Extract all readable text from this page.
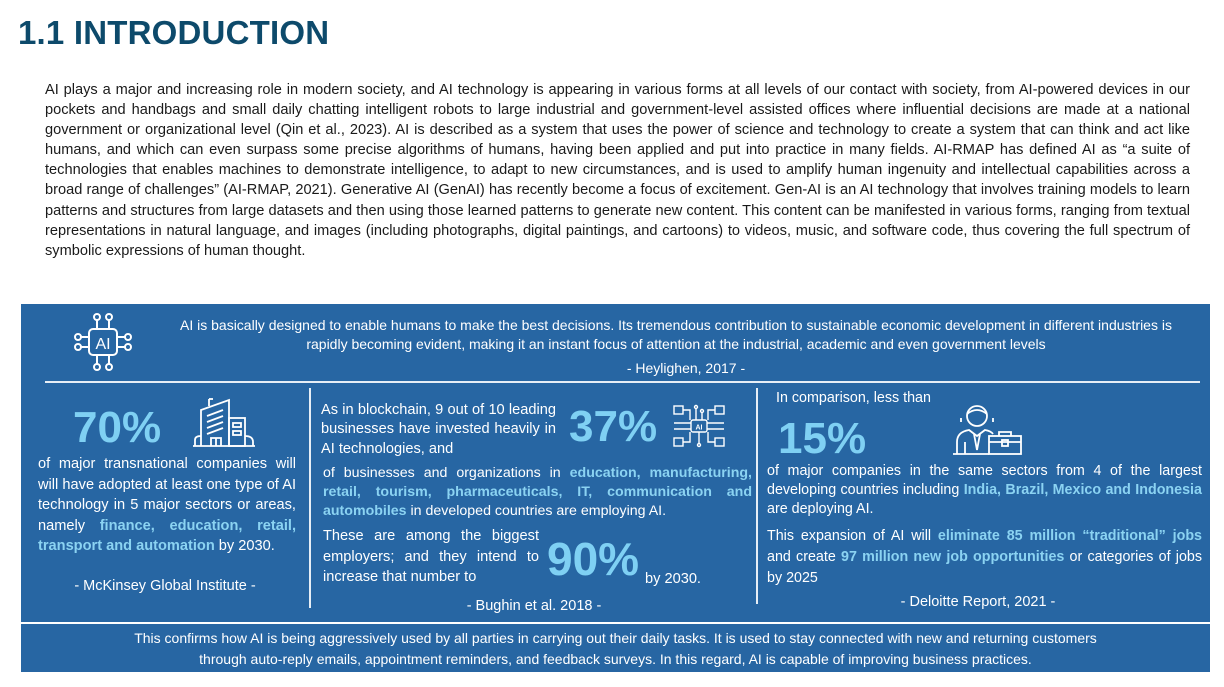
1.1 INTRODUCTION

AI plays a major and increasing role in modern society, and AI technology is appearing in various forms at all levels of our contact with society, from AI-powered devices in our pockets and handbags and small daily chatting intelligent robots to large industrial and government-level assisted offices where influential decisions are made at a national government or organizational level (Qin et al., 2023). AI is described as a system that uses the power of science and technology to create a system that can think and act like humans, and which can even surpass some precise algorithms of humans, having been applied and put into practice in many fields. AI-RMAP has defined AI as “a suite of technologies that enables machines to demonstrate intelligence, to adapt to new circumstances, and is used to amplify human ingenuity and intellectual capabilities across a broad range of challenges” (AI-RMAP, 2021). Generative AI (GenAI) has recently become a focus of excitement. Gen-AI is an AI technology that involves training models to learn patterns and structures from large datasets and then using those learned patterns to generate new content. This content can be manifested in various forms, ranging from textual representations in natural language, and images (including photographs, digital paintings, and cartoons) to videos, music, and software code, thus covering the full spectrum of symbolic expressions of human thought.

AI
AI is basically designed to enable humans to make the best decisions. Its tremendous contribution to sustainable economic development in different industries is rapidly becoming evident, making it an instant focus of attention at the industrial, academic and even government levels
- Heylighen, 2017 -
70%
of major transnational companies will will have adopted at least one type of AI technology in 5 major sectors or areas, namely finance, education, retail, transport and automation by 2030.
- McKinsey Global Institute -
As in blockchain, 9 out of 10 leading businesses have invested heavily in AI technologies, and	37%	AI
of businesses and organizations in education, manufacturing, retail, tourism, pharmaceuticals, IT, communication and automobiles in developed countries are employing AI.
These are among the biggest employers; and they intend to increase that number to	90% by 2030.
- Bughin et al. 2018 -
In comparison, less than
15%
of major companies in the same sectors from 4 of the largest developing countries including India, Brazil, Mexico and Indonesia are deploying AI.
This expansion of AI will eliminate 85 million “traditional” jobs and create 97 million new job opportunities or categories of jobs by 2025
- Deloitte Report, 2021 -
This confirms how AI is being aggressively used by all parties in carrying out their daily tasks. It is used to stay connected with new and returning customers through auto-reply emails, appointment reminders, and feedback surveys. In this regard, AI is capable of improving business practices.
